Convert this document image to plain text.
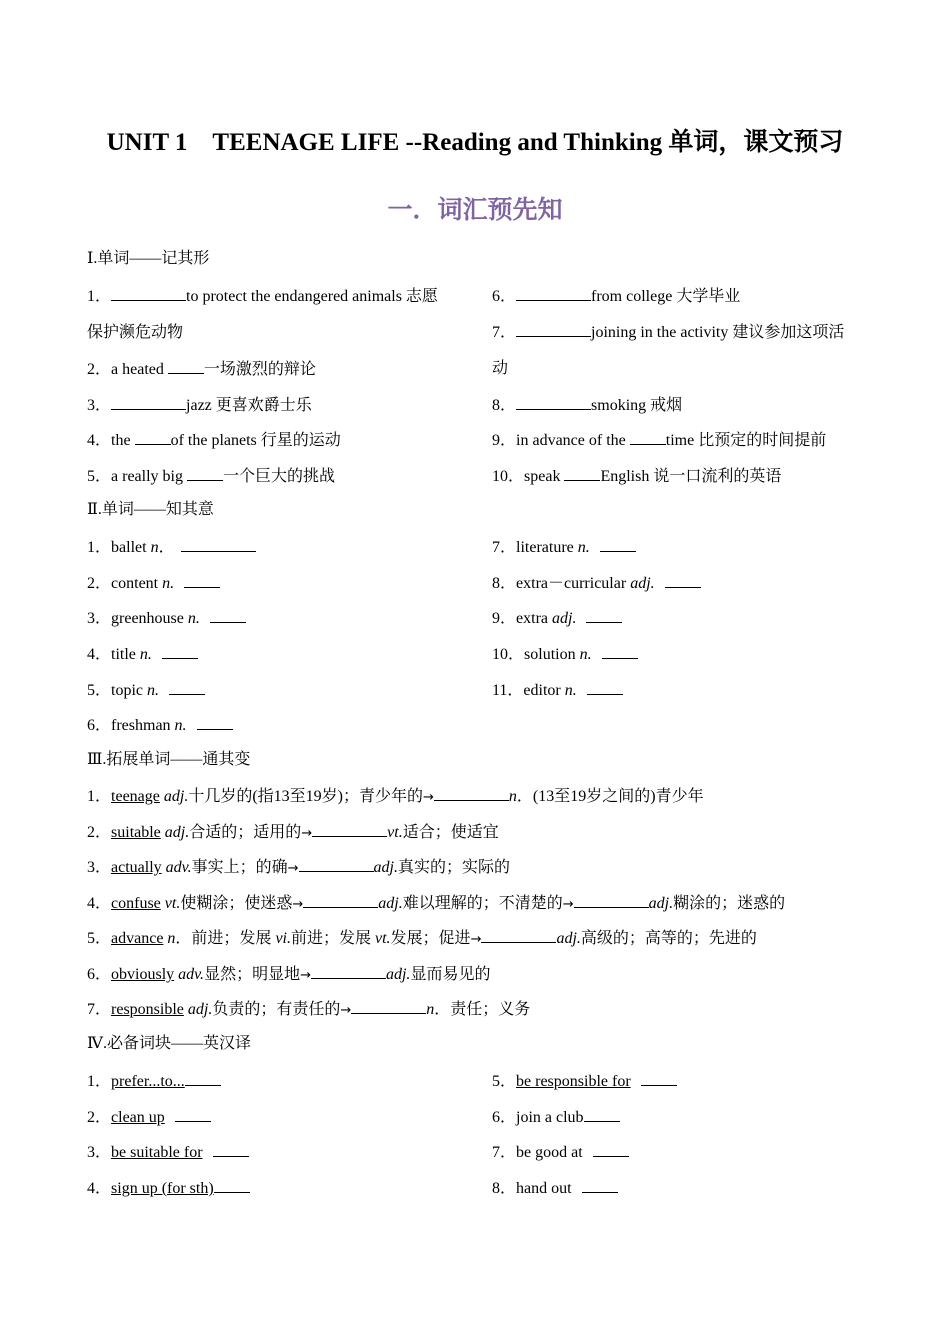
UNIT 1　TEENAGE LIFE --Reading and Thinking 单词，课文预习
一．词汇预先知
Ⅰ.单词——记其形
1．	to protect the endangered animals 志愿
保护濒危动物
2．a heated 一场激烈的辩论
3．	jazz 更喜欢爵士乐
4．the of the planets 行星的运动
5．a really big 一个巨大的挑战
6．	from college 大学毕业
7．	joining in the activity 建议参加这项活
动
8．	smoking 戒烟
9．in advance of the time 比预定的时间提前
10．speak English 说一口流利的英语
Ⅱ.单词——知其意
1．ballet n．
2．content n.
3．greenhouse n.
4．title n.
5．topic n.
6．freshman n.
7．literature n.
8．extra－curricular adj.
9．extra adj.
10．solution n.
11．editor n.
Ⅲ.拓展单词——通其变
1．teenage adj.十几岁的(指13至19岁)；青少年的→	n．(13至19岁之间的)青少年
2．suitable adj.合适的；适用的→	vt.适合；使适宜
3．actually adv.事实上；的确→	adj.真实的；实际的
4．confuse vt.使糊涂；使迷惑→	adj.难以理解的；不清楚的→	adj.糊涂的；迷惑的
5．advance n．前进；发展 vi.前进；发展 vt.发展；促进→	adj.高级的；高等的；先进的
6．obviously adv.显然；明显地→	adj.显而易见的
7．responsible adj.负责的；有责任的→	n．责任；义务
Ⅳ.必备词块——英汉译
1．prefer...to...
2．clean up
3．be suitable for
4．sign up (for sth)
5．be responsible for
6．join a club
7．be good at
8．hand out
